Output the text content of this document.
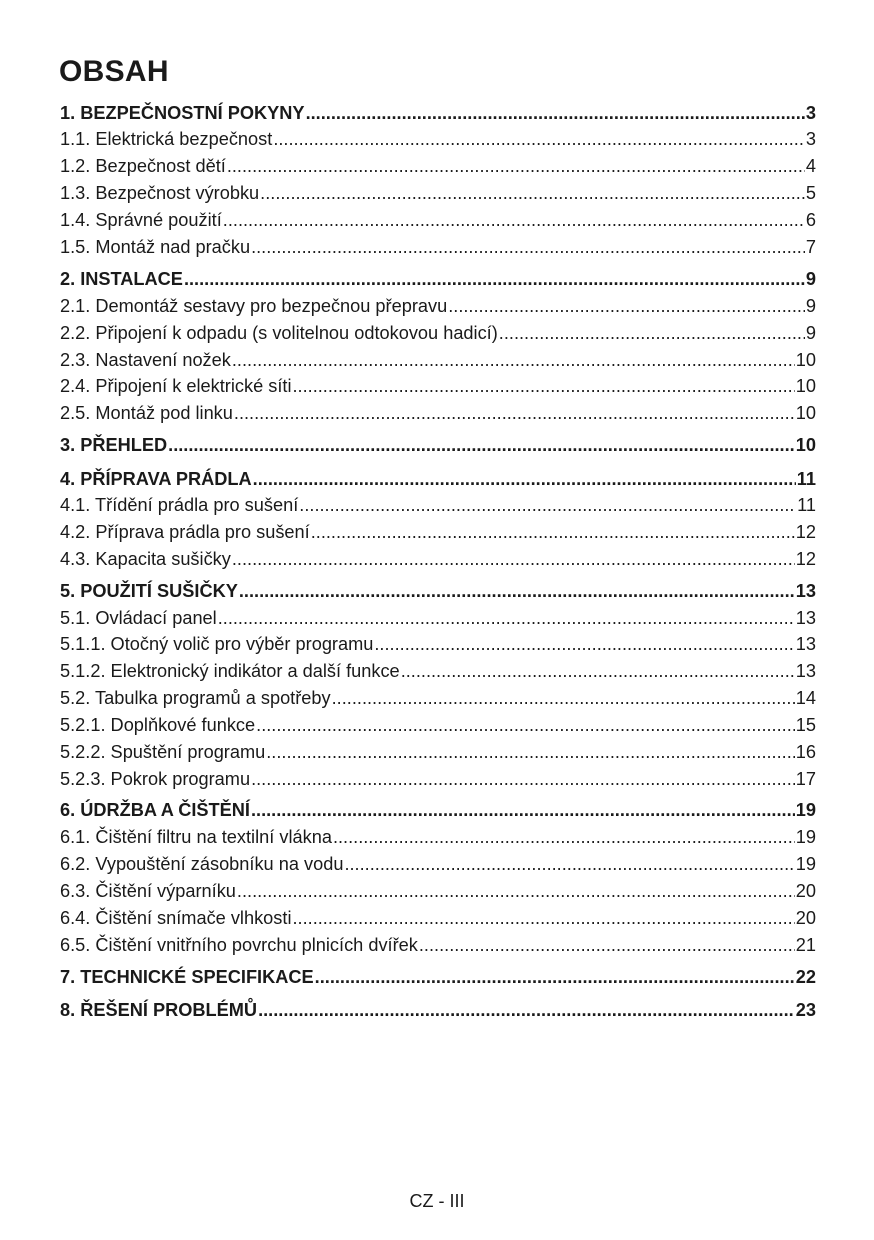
OBSAH
1. BEZPEČNOSTNÍ POKYNY .....	3
1.1. Elektrická bezpečnost .....	3
1.2. Bezpečnost dětí .....	4
1.3. Bezpečnost výrobku .....	5
1.4. Správné použití .....	6
1.5. Montáž nad pračku .....	7
2. INSTALACE .....	9
2.1. Demontáž sestavy pro bezpečnou přepravu .....	9
2.2. Připojení k odpadu (s volitelnou odtokovou hadicí) .....	9
2.3. Nastavení nožek .....	10
2.4. Připojení k elektrické síti .....	10
2.5. Montáž pod linku .....	10
3. PŘEHLED .....	10
4. PŘÍPRAVA PRÁDLA .....	11
4.1. Třídění prádla pro sušení .....	11
4.2. Příprava prádla pro sušení .....	12
4.3. Kapacita sušičky .....	12
5. POUŽITÍ SUŠIČKY .....	13
5.1. Ovládací panel .....	13
5.1.1. Otočný volič pro výběr programu .....	13
5.1.2. Elektronický indikátor a další funkce .....	13
5.2. Tabulka programů a spotřeby .....	14
5.2.1. Doplňkové funkce .....	15
5.2.2. Spuštění programu .....	16
5.2.3. Pokrok programu .....	17
6. ÚDRŽBA A ČIŠTĚNÍ .....	19
6.1. Čištění filtru na textilní vlákna .....	19
6.2. Vypouštění zásobníku na vodu .....	19
6.3. Čištění výparníku .....	20
6.4. Čištění snímače vlhkosti .....	20
6.5. Čištění vnitřního povrchu plnicích dvířek .....	21
7. TECHNICKÉ SPECIFIKACE .....	22
8. ŘEŠENÍ PROBLÉMŮ .....	23
CZ - III
